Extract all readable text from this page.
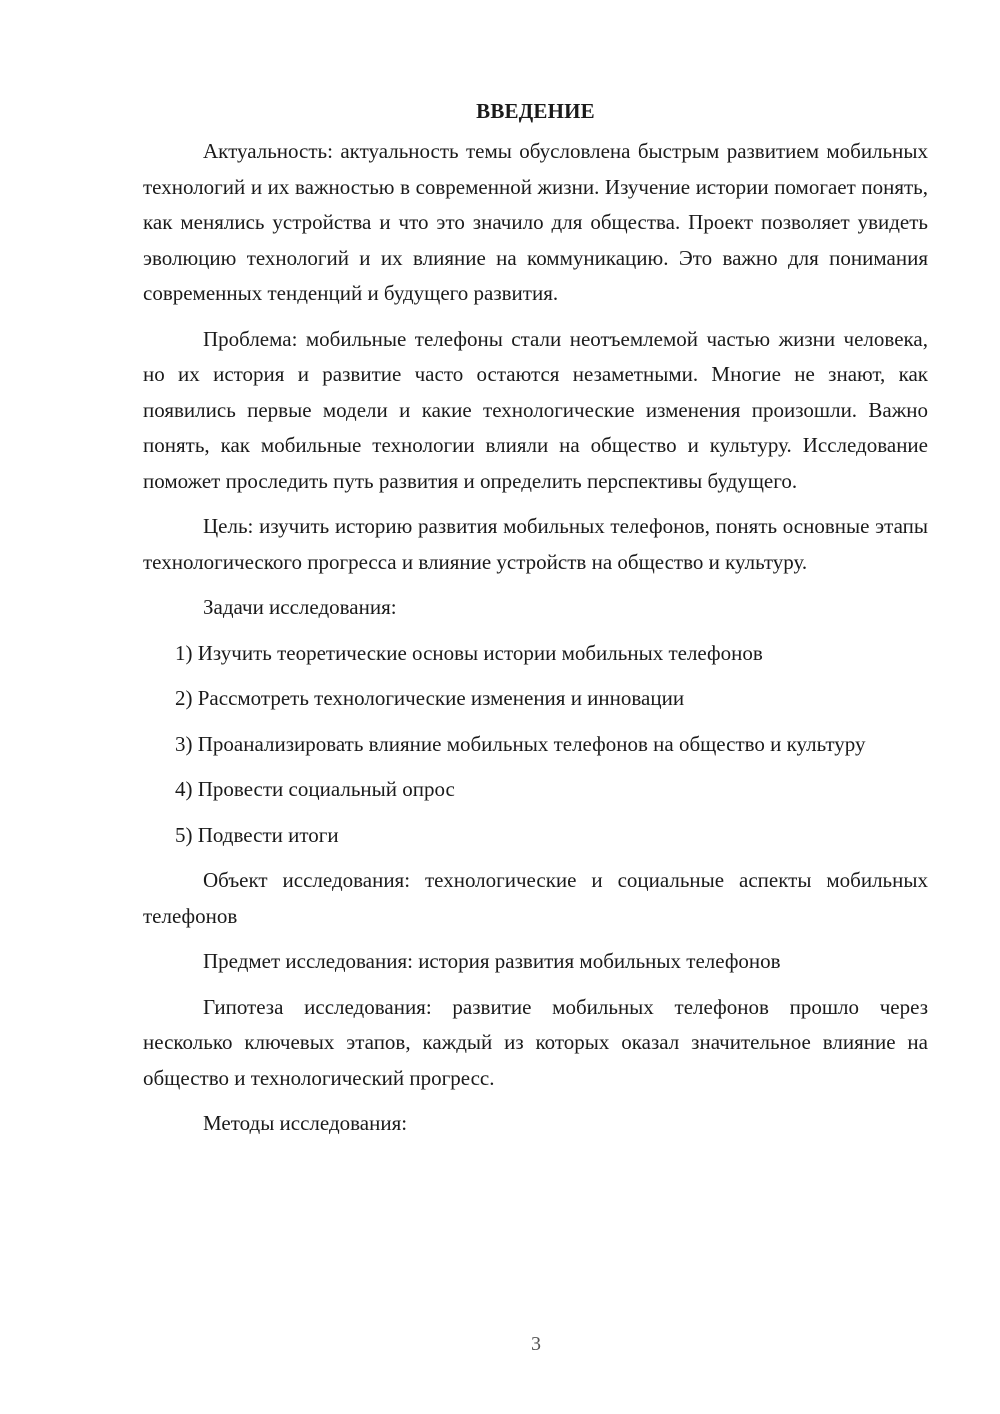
ВВЕДЕНИЕ

Актуальность: актуальность темы обусловлена быстрым развитием мобильных технологий и их важностью в современной жизни. Изучение истории помогает понять, как менялись устройства и что это значило для общества. Проект позволяет увидеть эволюцию технологий и их влияние на коммуникацию. Это важно для понимания современных тенденций и будущего развития.

Проблема: мобильные телефоны стали неотъемлемой частью жизни человека, но их история и развитие часто остаются незаметными. Многие не знают, как появились первые модели и какие технологические изменения произошли. Важно понять, как мобильные технологии влияли на общество и культуру. Исследование поможет проследить путь развития и определить перспективы будущего.

Цель: изучить историю развития мобильных телефонов, понять основные этапы технологического прогресса и влияние устройств на общество и культуру.

Задачи исследования:

1) Изучить теоретические основы истории мобильных телефонов

2) Рассмотреть технологические изменения и инновации

3) Проанализировать влияние мобильных телефонов на общество и культуру

4) Провести социальный опрос

5) Подвести итоги

Объект исследования: технологические и социальные аспекты мобильных телефонов

Предмет исследования: история развития мобильных телефонов

Гипотеза исследования: развитие мобильных телефонов прошло через несколько ключевых этапов, каждый из которых оказал значительное влияние на общество и технологический прогресс.

Методы исследования:

3
